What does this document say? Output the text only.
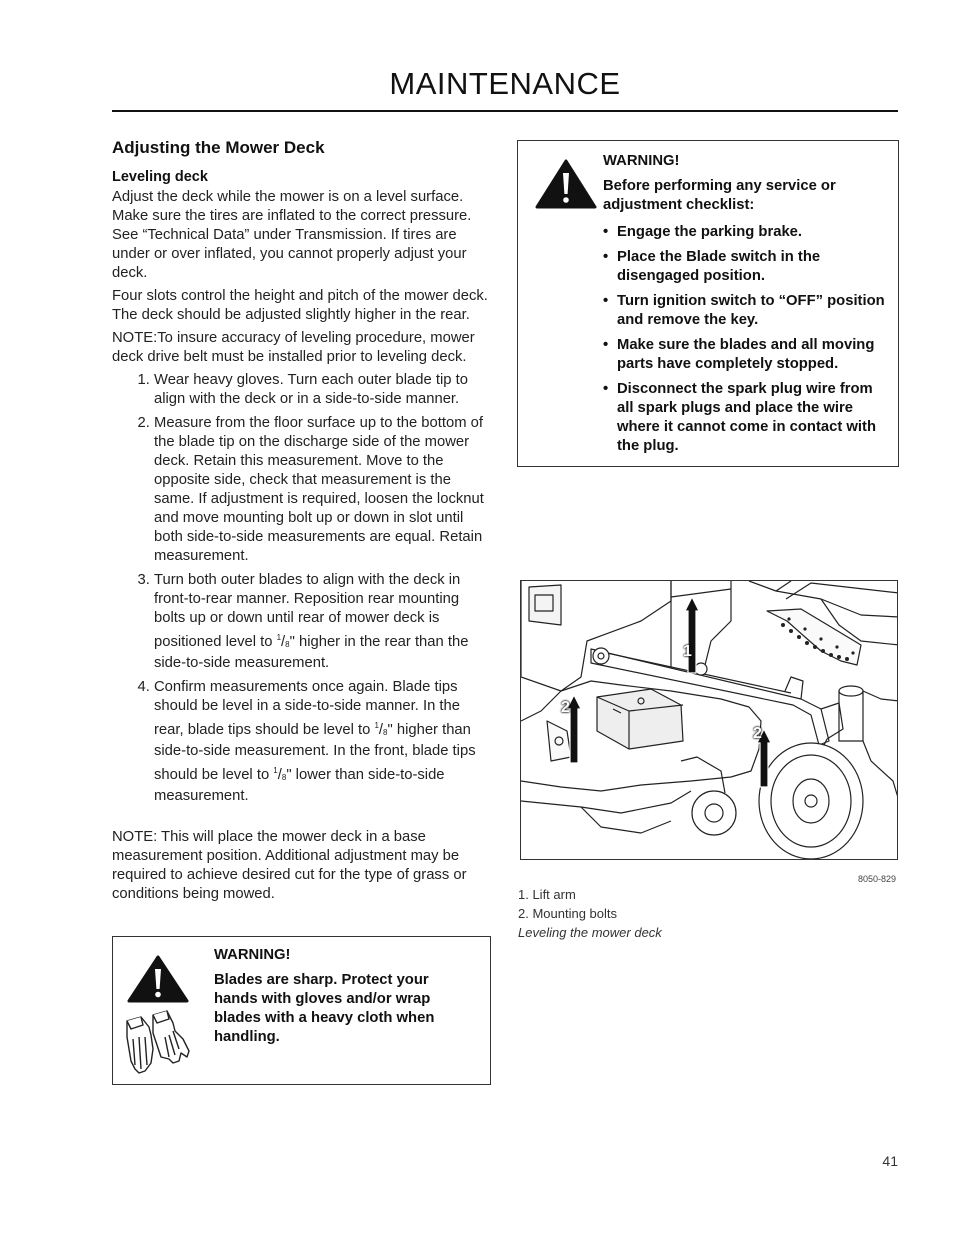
MAINTENANCE
Adjusting the Mower Deck
Leveling deck

Adjust the deck while the mower is on a level surface. Make sure the tires are inflated to the correct pressure. See “Technical Data” under Transmission. If tires are under or over inflated, you cannot properly adjust your deck.

Four slots control the height and pitch of the mower deck. The deck should be adjusted slightly higher in the rear.

NOTE:To insure accuracy of leveling procedure, mower deck drive belt must be installed prior to leveling deck.

1. Wear heavy gloves. Turn each outer blade tip to align with the deck or in a side-to-side manner.
2. Measure from the floor surface up to the bottom of the blade tip on the discharge side of the mower deck. Retain this measurement. Move to the opposite side, check that measurement is the same. If adjustment is required, loosen the locknut and move mounting bolt up or down in slot until both side-to-side measurements are equal. Retain measurement.
3. Turn both outer blades to align with the deck in front-to-rear manner. Reposition rear mounting bolts up or down until rear of mower deck is positioned level to $^1/_8$" higher in the rear than the side-to-side measurement.
4. Confirm measurements once again. Blade tips should be level in a side-to-side manner. In the rear, blade tips should be level to $^1/_8$" higher than side-to-side measurement. In the front, blade tips should be level to $^1/_8$" lower than side-to-side measurement.

NOTE: This will place the mower deck in a base measurement position. Additional adjustment may be required to achieve desired cut for the type of grass or conditions being mowed.

WARNING!
Blades are sharp. Protect your hands with gloves and/or wrap blades with a heavy cloth when handling.
WARNING!
Before performing any service or adjustment checklist:
• Engage the parking brake.
• Place the Blade switch in the disengaged position.
• Turn ignition switch to “OFF” position and remove the key.
• Make sure the blades and all moving parts have completely stopped.
• Disconnect the spark plug wire from all spark plugs and place the wire where it cannot come in contact with the plug.
1
2
2
8050-829
1. Lift arm
2. Mounting bolts
Leveling the mower deck
41
